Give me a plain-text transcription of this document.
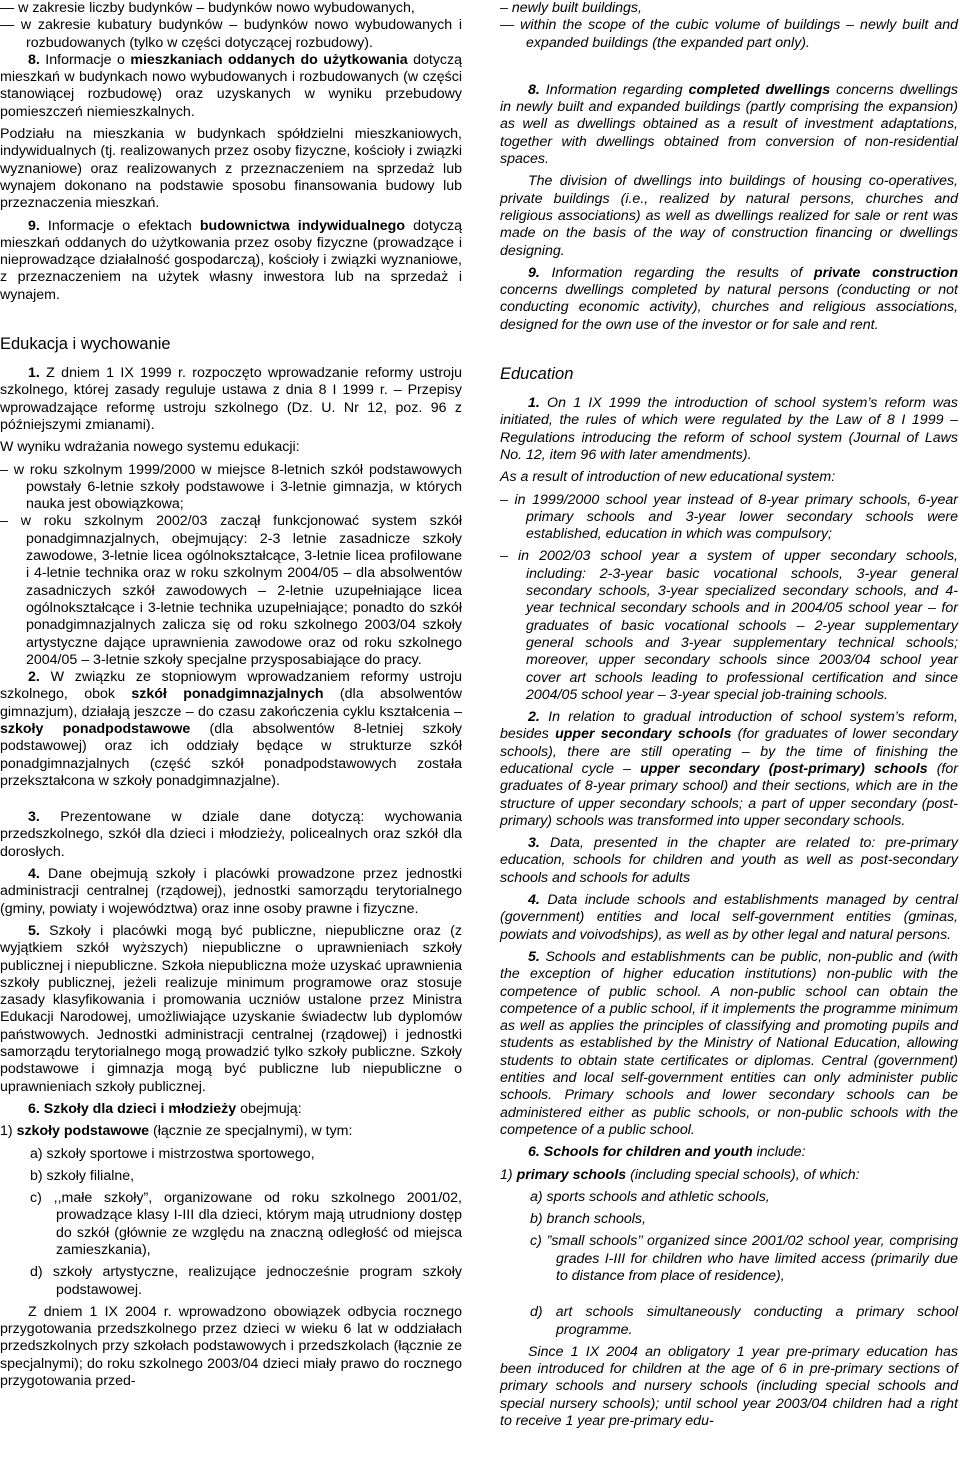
— w zakresie liczby budynków – budynków nowo wybudowanych,

— w zakresie kubatury budynków – budynków nowo wybudowanych i rozbudowanych (tylko w części dotyczącej rozbudowy).

8. Informacje o mieszkaniach oddanych do użytkowania dotyczą mieszkań w budynkach nowo wybudowanych i rozbudowanych (w części stanowiącej rozbudowę) oraz uzyskanych w wyniku przebudowy pomieszczeń niemieszkalnych.

Podziału na mieszkania w budynkach spółdzielni mieszkaniowych, indywidualnych (tj. realizowanych przez osoby fizyczne, kościoły i związki wyznaniowe) oraz realizowanych z przeznaczeniem na sprzedaż lub wynajem dokonano na podstawie sposobu finansowania budowy lub przeznaczenia mieszkań.

9. Informacje o efektach budownictwa indywidualnego dotyczą mieszkań oddanych do użytkowania przez osoby fizyczne (prowadzące i nieprowadzące działalność gospodarczą), kościoły i związki wyznaniowe, z przeznaczeniem na użytek własny inwestora lub na sprzedaż i wynajem.

Edukacja i wychowanie

1. Z dniem 1 IX 1999 r. rozpoczęto wprowadzanie reformy ustroju szkolnego, której zasady reguluje ustawa z dnia 8 I 1999 r. – Przepisy wprowadzające reformę ustroju szkolnego (Dz. U. Nr 12, poz. 96 z późniejszymi zmianami).

W wyniku wdrażania nowego systemu edukacji:

– w roku szkolnym 1999/2000 w miejsce 8-letnich szkół podstawowych powstały 6-letnie szkoły podstawowe i 3-letnie gimnazja, w których nauka jest obowiązkowa;

– w roku szkolnym 2002/03 zaczął funkcjonować system szkół ponadgimnazjalnych, obejmujący: 2-3 letnie zasadnicze szkoły zawodowe, 3-letnie licea ogólnokształcące, 3-letnie licea profilowane i 4-letnie technika oraz w roku szkolnym 2004/05 – dla absolwentów zasadniczych szkół zawodowych – 2-letnie uzupełniające licea ogólnokształcące i 3-letnie technika uzupełniające; ponadto do szkół ponadgimnazjalnych zalicza się od roku szkolnego 2003/04 szkoły artystyczne dające uprawnienia zawodowe oraz od roku szkolnego 2004/05 – 3-letnie szkoły specjalne przysposabiające do pracy.

2. W związku ze stopniowym wprowadzaniem reformy ustroju szkolnego, obok szkół ponadgimnazjalnych (dla absolwentów gimnazjum), działają jeszcze – do czasu zakończenia cyklu kształcenia – szkoły ponadpodstawowe (dla absolwentów 8-letniej szkoły podstawowej) oraz ich oddziały będące w strukturze szkół ponadgimnazjalnych (część szkół ponadpodstawowych została przekształcona w szkoły ponadgimnazjalne).

3. Prezentowane w dziale dane dotyczą: wychowania przedszkolnego, szkół dla dzieci i młodzieży, policealnych oraz szkół dla dorosłych.

4. Dane obejmują szkoły i placówki prowadzone przez jednostki administracji centralnej (rządowej), jednostki samorządu terytorialnego (gminy, powiaty i województwa) oraz inne osoby prawne i fizyczne.

5. Szkoły i placówki mogą być publiczne, niepubliczne oraz (z wyjątkiem szkół wyższych) niepubliczne o uprawnieniach szkoły publicznej i niepubliczne. Szkoła niepubliczna może uzyskać uprawnienia szkoły publicznej, jeżeli realizuje minimum programowe oraz stosuje zasady klasyfikowania i promowania uczniów ustalone przez Ministra Edukacji Narodowej, umożliwiające uzyskanie świadectw lub dyplomów państwowych. Jednostki administracji centralnej (rządowej) i jednostki samorządu terytorialnego mogą prowadzić tylko szkoły publiczne. Szkoły podstawowe i gimnazja mogą być publiczne lub niepubliczne o uprawnieniach szkoły publicznej.

6. Szkoły dla dzieci i młodzieży obejmują:

1) szkoły podstawowe (łącznie ze specjalnymi), w tym:

a) szkoły sportowe i mistrzostwa sportowego,

b) szkoły filialne,

c) ,,małe szkoły”, organizowane od roku szkolnego 2001/02, prowadzące klasy I-III dla dzieci, którym mają utrudniony dostęp do szkół (głównie ze względu na znaczną odległość od miejsca zamieszkania),

d) szkoły artystyczne, realizujące jednocześnie program szkoły podstawowej.

Z dniem 1 IX 2004 r. wprowadzono obowiązek odbycia rocznego przygotowania przedszkolnego przez dzieci w wieku 6 lat w oddziałach przedszkolnych przy szkołach podstawowych i przedszkolach (łącznie ze specjalnymi); do roku szkolnego 2003/04 dzieci miały prawo do rocznego przygotowania przed-

– newly built buildings,

— within the scope of the cubic volume of buildings – newly built and expanded buildings (the expanded part only).

8. Information regarding completed dwellings concerns dwellings in newly built and expanded buildings (partly comprising the expansion) as well as dwellings obtained as a result of investment adaptations, together with dwellings obtained from conversion of non-residential spaces.

The division of dwellings into buildings of housing co-operatives, private buildings (i.e., realized by natural persons, churches and religious associations) as well as dwellings realized for sale or rent was made on the basis of the way of construction financing or dwellings designing.

9. Information regarding the results of private construction concerns dwellings completed by natural persons (conducting or not conducting economic activity), churches and religious associations, designed for the own use of the investor or for sale and rent.

Education

1. On 1 IX 1999 the introduction of school system’s reform was initiated, the rules of which were regulated by the Law of 8 I 1999 – Regulations introducing the reform of school system (Journal of Laws No. 12, item 96 with later amendments).

As a result of introduction of new educational system:

– in 1999/2000 school year instead of 8-year primary schools, 6-year primary schools and 3-year lower secondary schools were established, education in which was compulsory;

– in 2002/03 school year a system of upper secondary schools, including: 2-3-year basic vocational schools, 3-year general secondary schools, 3-year specialized secondary schools, and 4-year technical secondary schools and in 2004/05 school year – for graduates of basic vocational schools – 2-year supplementary general schools and 3-year supplementary technical schools; moreover, upper secondary schools since 2003/04 school year cover art schools leading to professional certification and since 2004/05 school year – 3-year special job-training schools.

2. In relation to gradual introduction of school system’s reform, besides upper secondary schools (for graduates of lower secondary schools), there are still operating – by the time of finishing the educational cycle – upper secondary (post-primary) schools (for graduates of 8-year primary school) and their sections, which are in the structure of upper secondary schools; a part of upper secondary (post-primary) schools was transformed into upper secondary schools.

3. Data, presented in the chapter are related to: pre-primary education, schools for children and youth as well as post-secondary schools and schools for adults

4. Data include schools and establishments managed by central (government) entities and local self-government entities (gminas, powiats and voivodships), as well as by other legal and natural persons.

5. Schools and establishments can be public, non-public and (with the exception of higher education institutions) non-public with the competence of public school. A non-public school can obtain the competence of a public school, if it implements the programme minimum as well as applies the principles of classifying and promoting pupils and students as established by the Ministry of National Education, allowing students to obtain state certificates or diplomas. Central (government) entities and local self-government entities can only administer public schools. Primary schools and lower secondary schools can be administered either as public schools, or non-public schools with the competence of a public school.

6. Schools for children and youth include:

1) primary schools (including special schools), of which:

a) sports schools and athletic schools,

b) branch schools,

c) ”small schools’’ organized since 2001/02 school year, comprising grades I-III for children who have limited access (primarily due to distance from place of residence),

d) art schools simultaneously conducting a primary school programme.

Since 1 IX 2004 an obligatory 1 year pre-primary education has been introduced for children at the age of 6 in pre-primary sections of primary schools and nursery schools (including special schools and special nursery schools); until school year 2003/04 children had a right to receive 1 year pre-primary edu-
